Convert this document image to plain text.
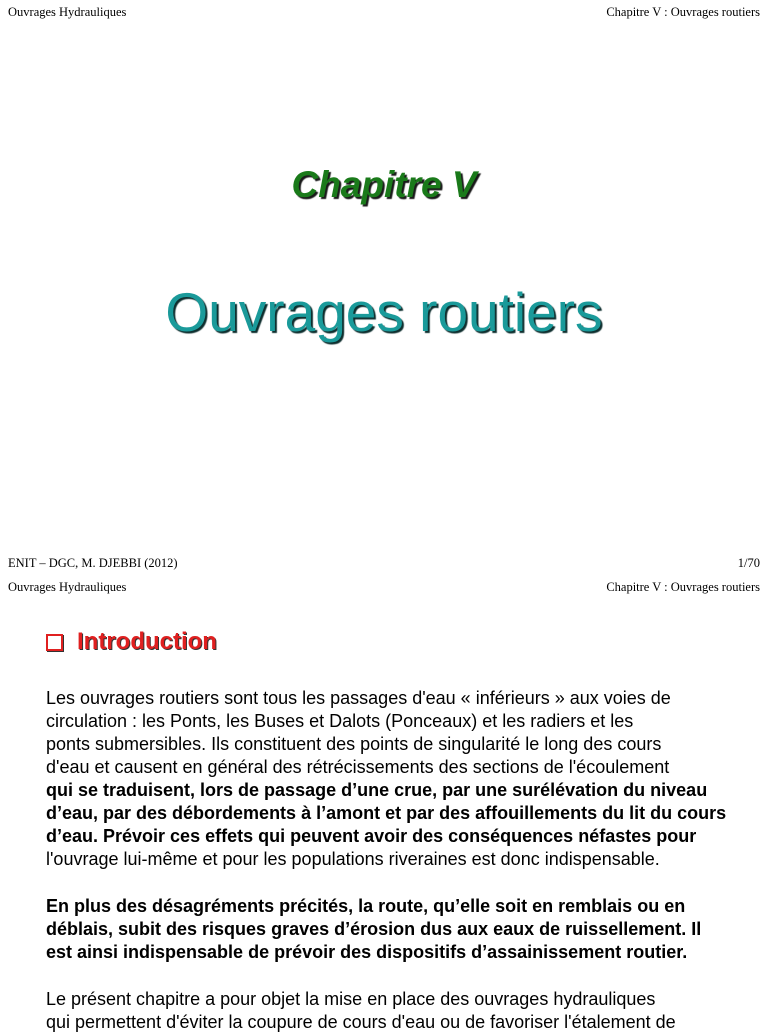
Ouvrages Hydrauliques	Chapitre V : Ouvrages routiers
Chapitre V
Ouvrages routiers
ENIT – DGC, M. DJEBBI (2012)	1/70
Ouvrages Hydrauliques	Chapitre V : Ouvrages routiers
Introduction
Les ouvrages routiers sont tous les passages d'eau « inférieurs » aux voies de
circulation : les Ponts, les Buses et Dalots (Ponceaux) et les radiers et les
ponts submersibles. Ils constituent des points de singularité le long des cours
d'eau et causent en général des rétrécissements des sections de l'écoulement
qui se traduisent, lors de passage d’une crue, par une surélévation du niveau
d’eau, par des débordements à l’amont et par des affouillements du lit du cours
d’eau. Prévoir ces effets qui peuvent avoir des conséquences néfastes pour
l'ouvrage lui-même et pour les populations riveraines est donc indispensable.
En plus des désagréments précités, la route, qu’elle soit en remblais ou en
déblais, subit des risques graves d’érosion dus aux eaux de ruissellement. Il
est ainsi indispensable de prévoir des dispositifs d’assainissement routier.
Le présent chapitre a pour objet la mise en place des ouvrages hydrauliques
qui permettent d'éviter la coupure de cours d'eau ou de favoriser l'étalement de
